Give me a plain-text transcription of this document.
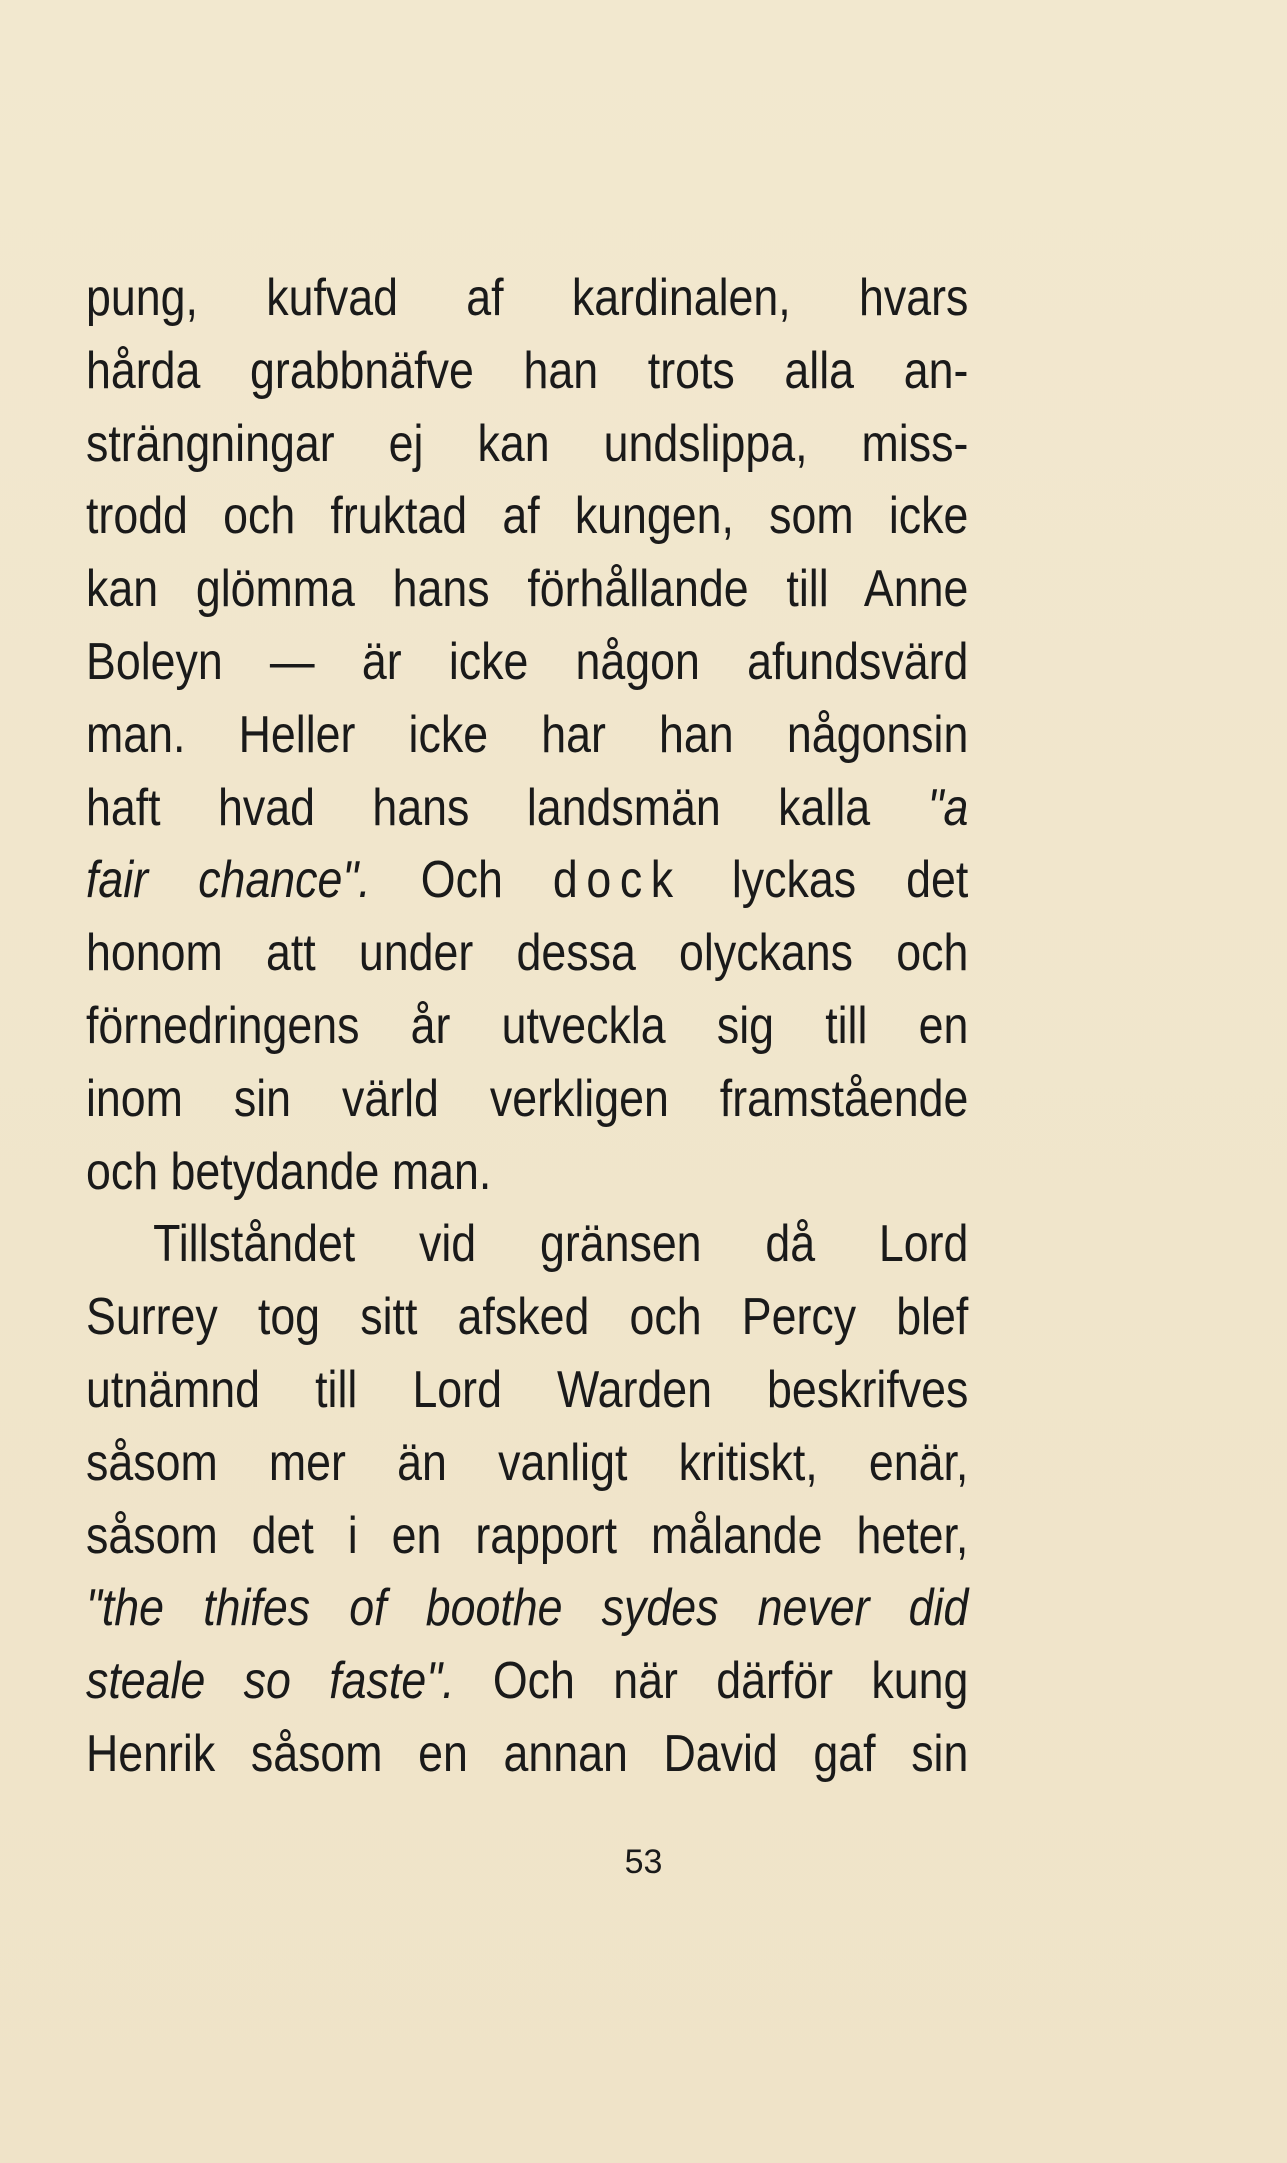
pung, kufvad af kardinalen, hvars
hårda grabbnäfve han trots alla an-
strängningar ej kan undslippa, miss-
trodd och fruktad af kungen, som icke
kan glömma hans förhållande till Anne
Boleyn — är icke någon afundsvärd
man. Heller icke har han någonsin
haft hvad hans landsmän kalla "a
fair chance". Och dock lyckas det
honom att under dessa olyckans och
förnedringens år utveckla sig till en
inom sin värld verkligen framstående
och betydande man.
Tillståndet vid gränsen då Lord
Surrey tog sitt afsked och Percy blef
utnämnd till Lord Warden beskrifves
såsom mer än vanligt kritiskt, enär,
såsom det i en rapport målande heter,
"the thifes of boothe sydes never did
steale so faste". Och när därför kung
Henrik såsom en annan David gaf sin
53
